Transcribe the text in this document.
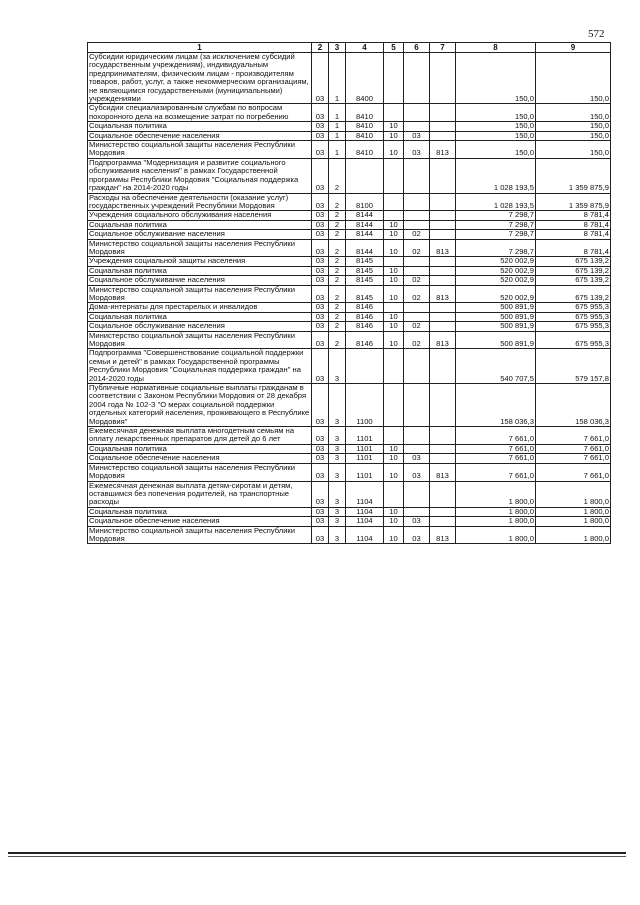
572
1	2	3	4	5	6	7	8	9
Субсидии юридическим лицам (за исключением субсидий государственным учреждениям), индивидуальным предпринимателям, физическим лицам - производителям товаров, работ, услуг, а также некоммерческим организациям, не являющимся государственными (муниципальными) учреждениями	03	1	8400				150,0	150,0
Субсидии специализированным службам по вопросам похоронного дела на возмещение затрат по погребению	03	1	8410				150,0	150,0
Социальная политика	03	1	8410	10			150,0	150,0
Социальное обеспечение населения	03	1	8410	10	03		150,0	150,0
Министерство социальной защиты населения Республики Мордовия	03	1	8410	10	03	813	150,0	150,0
Подпрограмма "Модернизация и развитие социального обслуживания населения" в рамках Государственной программы Республики Мордовия "Социальная поддержка граждан" на 2014-2020 годы	03	2					1 028 193,5	1 359 875,9
Расходы на обеспечение деятельности (оказание услуг) государственных учреждений Республики Мордовия	03	2	8100				1 028 193,5	1 359 875,9
Учреждения социального обслуживания населения	03	2	8144				7 298,7	8 781,4
Социальная политика	03	2	8144	10			7 298,7	8 781,4
Социальное обслуживание населения	03	2	8144	10	02		7 298,7	8 781,4
Министерство социальной защиты населения Республики Мордовия	03	2	8144	10	02	813	7 298,7	8 781,4
Учреждения социальной защиты населения	03	2	8145				520 002,9	675 139,2
Социальная политика	03	2	8145	10			520 002,9	675 139,2
Социальное обслуживание населения	03	2	8145	10	02		520 002,9	675 139,2
Министерство социальной защиты населения Республики Мордовия	03	2	8145	10	02	813	520 002,9	675 139,2
Дома-интернаты для престарелых и инвалидов	03	2	8146				500 891,9	675 955,3
Социальная политика	03	2	8146	10			500 891,9	675 955,3
Социальное обслуживание населения	03	2	8146	10	02		500 891,9	675 955,3
Министерство социальной защиты населения Республики Мордовия	03	2	8146	10	02	813	500 891,9	675 955,3
Подпрограмма "Совершенствование социальной поддержки семьи и детей" в рамках Государственной программы Республики Мордовия "Социальная поддержка граждан" на 2014-2020 годы	03	3					540 707,5	579 157,8
Публичные нормативные социальные выплаты гражданам в соответствии с Законом Республики Мордовия от 28 декабря 2004 года № 102-З "О мерах социальной поддержки отдельных категорий населения, проживающего в Республике Мордовия"	03	3	1100				158 036,3	158 036,3
Ежемесячная денежная выплата многодетным семьям на оплату лекарственных препаратов для детей до 6 лет	03	3	1101				7 661,0	7 661,0
Социальная политика	03	3	1101	10			7 661,0	7 661,0
Социальное обеспечение населения	03	3	1101	10	03		7 661,0	7 661,0
Министерство социальной защиты населения Республики Мордовия	03	3	1101	10	03	813	7 661,0	7 661,0
Ежемесячная денежная выплата детям-сиротам и детям, оставшимся без попечения родителей, на транспортные расходы	03	3	1104				1 800,0	1 800,0
Социальная политика	03	3	1104	10			1 800,0	1 800,0
Социальное обеспечение населения	03	3	1104	10	03		1 800,0	1 800,0
Министерство социальной защиты населения Республики Мордовия	03	3	1104	10	03	813	1 800,0	1 800,0
